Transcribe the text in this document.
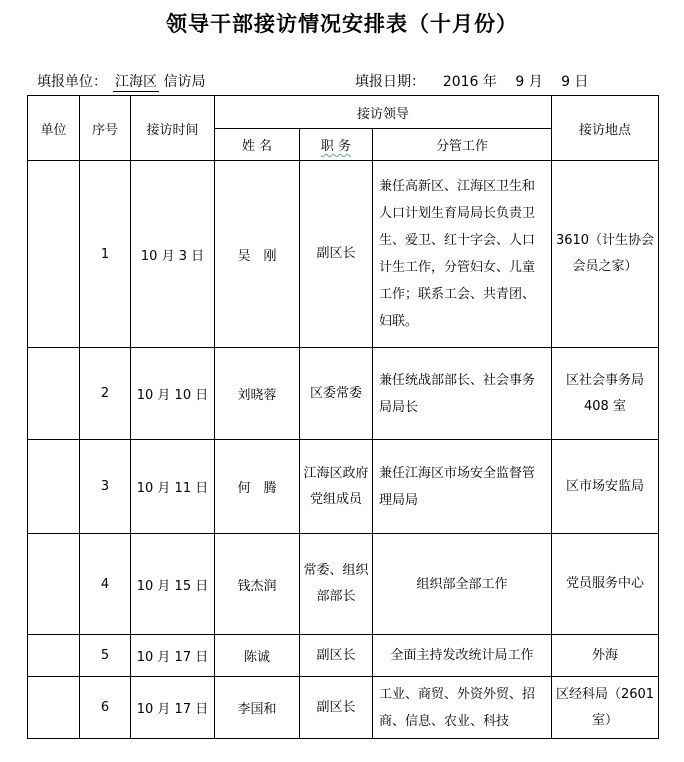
领导干部接访情况安排表（十月份）
填报单位： 江海区 信访局	填报日期： 2016 年　 9 月　 9 日
单位	序号	接访时间	接访领导			接访地点
			姓 名	职 务	分管工作	
	1	10 月 3 日	吴　刚	副区长	兼任高新区、江海区卫生和人口计划生育局局长负责卫生、爱卫、红十字会、人口计生工作，分管妇女、儿童工作；联系工会、共青团、妇联。	3610（计生协会会员之家）
	2	10 月 10 日	刘晓蓉	区委常委	兼任统战部部长、社会事务局局长	区社会事务局 408 室
	3	10 月 11 日	何　腾	江海区政府党组成员	兼任江海区市场安全监督管理局局	区市场安监局
	4	10 月 15 日	钱杰润	常委、组织部部长	组织部全部工作	党员服务中心
	5	10 月 17 日	陈诚	副区长	全面主持发改统计局工作	外海
	6	10 月 17 日	李国和	副区长	工业、商贸、外资外贸、招商、信息、农业、科技	区经科局（2601 室）
